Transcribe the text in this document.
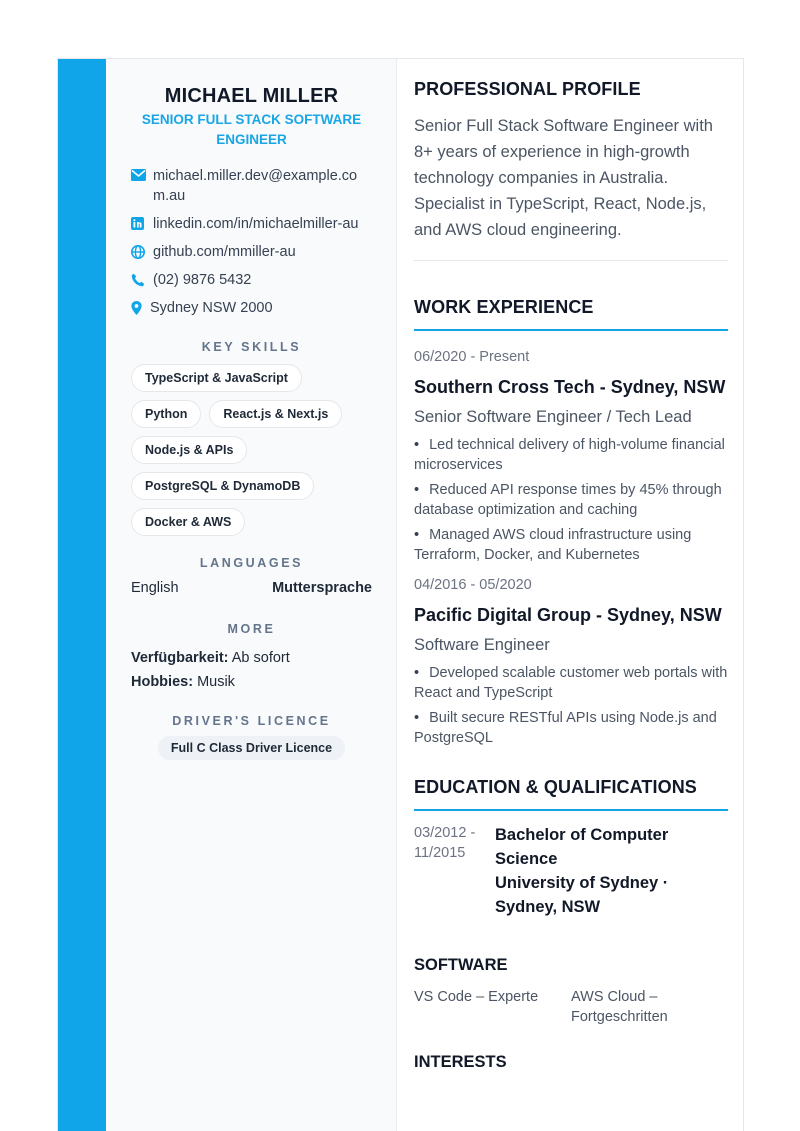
MICHAEL MILLER
SENIOR FULL STACK SOFTWARE ENGINEER
michael.miller.dev@example.com.au
linkedin.com/in/michaelmiller-au
github.com/mmiller-au
(02) 9876 5432
Sydney NSW 2000
KEY SKILLS
TypeScript & JavaScript
Python	React.js & Next.js
Node.js & APIs
PostgreSQL & DynamoDB
Docker & AWS
LANGUAGES
English	Muttersprache
MORE
Verfügbarkeit: Ab sofort
Hobbies: Musik
DRIVER'S LICENCE
Full C Class Driver Licence
PROFESSIONAL PROFILE

Senior Full Stack Software Engineer with 8+ years of experience in high-growth technology companies in Australia. Specialist in TypeScript, React, Node.js, and AWS cloud engineering.

WORK EXPERIENCE
06/2020 - Present
Southern Cross Tech - Sydney, NSW
Senior Software Engineer / Tech Lead
• Led technical delivery of high-volume financial microservices
• Reduced API response times by 45% through database optimization and caching
• Managed AWS cloud infrastructure using Terraform, Docker, and Kubernetes
04/2016 - 05/2020
Pacific Digital Group - Sydney, NSW
Software Engineer
• Developed scalable customer web portals with React and TypeScript
• Built secure RESTful APIs using Node.js and PostgreSQL
EDUCATION & QUALIFICATIONS
03/2012 - 11/2015
Bachelor of Computer Science
University of Sydney · Sydney, NSW
SOFTWARE
VS Code – Experte	AWS Cloud – Fortgeschritten
INTERESTS
